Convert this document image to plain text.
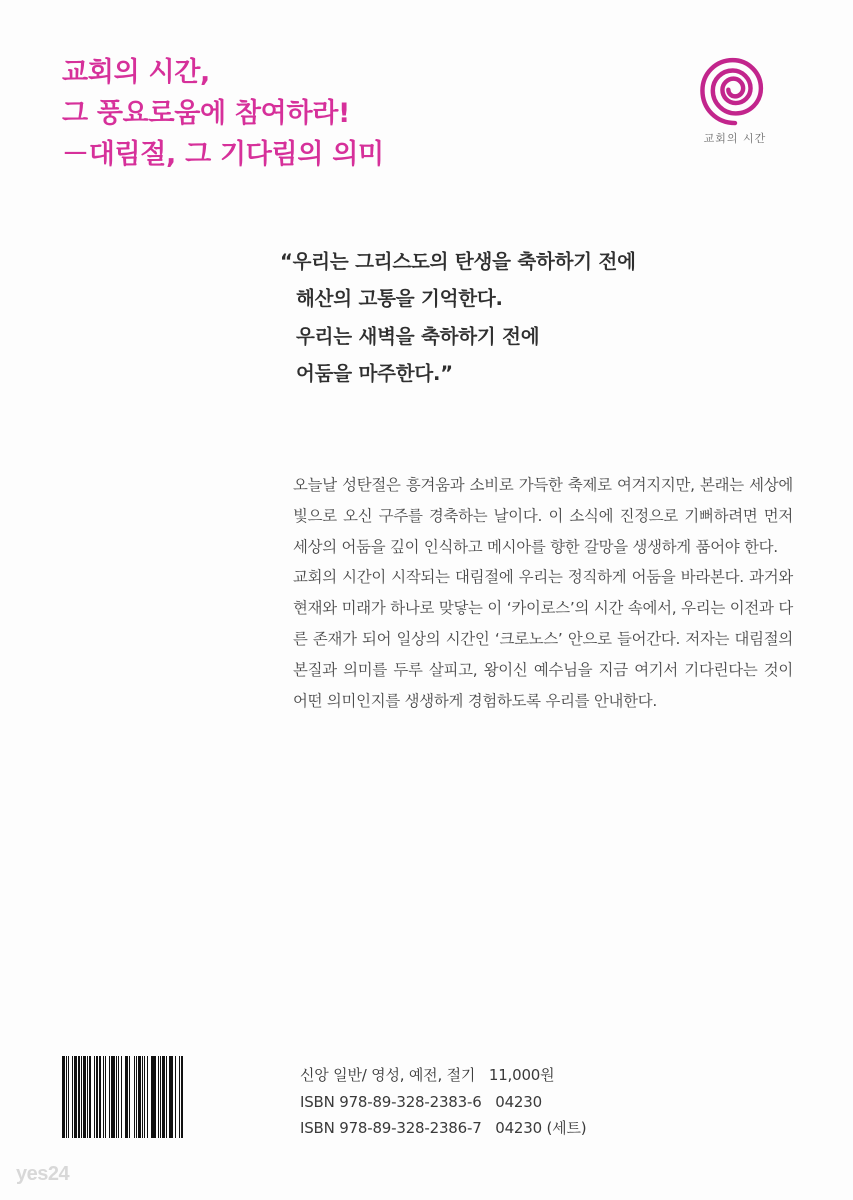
교회의 시간,
그 풍요로움에 참여하라!
－대림절, 그 기다림의 의미
교회의 시간
“우리는 그리스도의 탄생을 축하하기 전에
해산의 고통을 기억한다.
우리는 새벽을 축하하기 전에
어둠을 마주한다.”

오늘날 성탄절은 흥겨움과 소비로 가득한 축제로 여겨지지만, 본래는 세상에 빛으로 오신 구주를 경축하는 날이다. 이 소식에 진정으로 기뻐하려면 먼저 세상의 어둠을 깊이 인식하고 메시아를 향한 갈망을 생생하게 품어야 한다.

교회의 시간이 시작되는 대림절에 우리는 정직하게 어둠을 바라본다. 과거와 현재와 미래가 하나로 맞닿는 이 ‘카이로스’의 시간 속에서, 우리는 이전과 다른 존재가 되어 일상의 시간인 ‘크로노스’ 안으로 들어간다. 저자는 대림절의 본질과 의미를 두루 살피고, 왕이신 예수님을 지금 여기서 기다린다는 것이 어떤 의미인지를 생생하게 경험하도록 우리를 안내한다.

신앙 일반/ 영성, 예전, 절기   11,000원
ISBN 978-89-328-2383-6   04230
ISBN 978-89-328-2386-7   04230 (세트)
yes24
